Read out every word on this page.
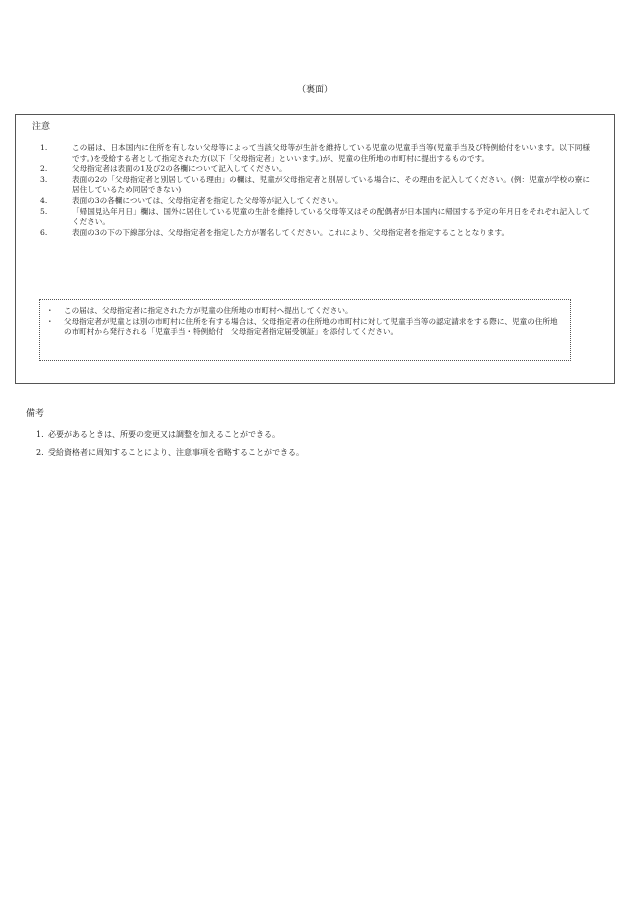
（裏面）
注意
1.	この届は、日本国内に住所を有しない父母等によって当該父母等が生計を維持している児童の児童手当等(児童手当及び特例給付をいいます。以下同様です。)を受給する者として指定された方(以下「父母指定者」といいます。)が、児童の住所地の市町村に提出するものです。
2.	父母指定者は表面の1及び2の各欄について記入してください。
3.	表面の2の「父母指定者と別居している理由」の欄は、児童が父母指定者と別居している場合に、その理由を記入してください。(例：児童が学校の寮に居住しているため同居できない)
4.	表面の3の各欄については、父母指定者を指定した父母等が記入してください。
5.	「帰国見込年月日」欄は、国外に居住している児童の生計を維持している父母等又はその配偶者が日本国内に帰国する予定の年月日をそれぞれ記入してください。
6.	表面の3の下の下線部分は、父母指定者を指定した方が署名してください。これにより、父母指定者を指定することとなります。
・ この届は、父母指定者に指定された方が児童の住所地の市町村へ提出してください。
・ 父母指定者が児童とは別の市町村に住所を有する場合は、父母指定者の住所地の市町村に対して児童手当等の認定請求をする際に、児童の住所地の市町村から発行される「児童手当・特例給付　父母指定者指定届受領証」を添付してください。
備考
1. 必要があるときは、所要の変更又は調整を加えることができる。
2. 受給資格者に周知することにより、注意事項を省略することができる。
